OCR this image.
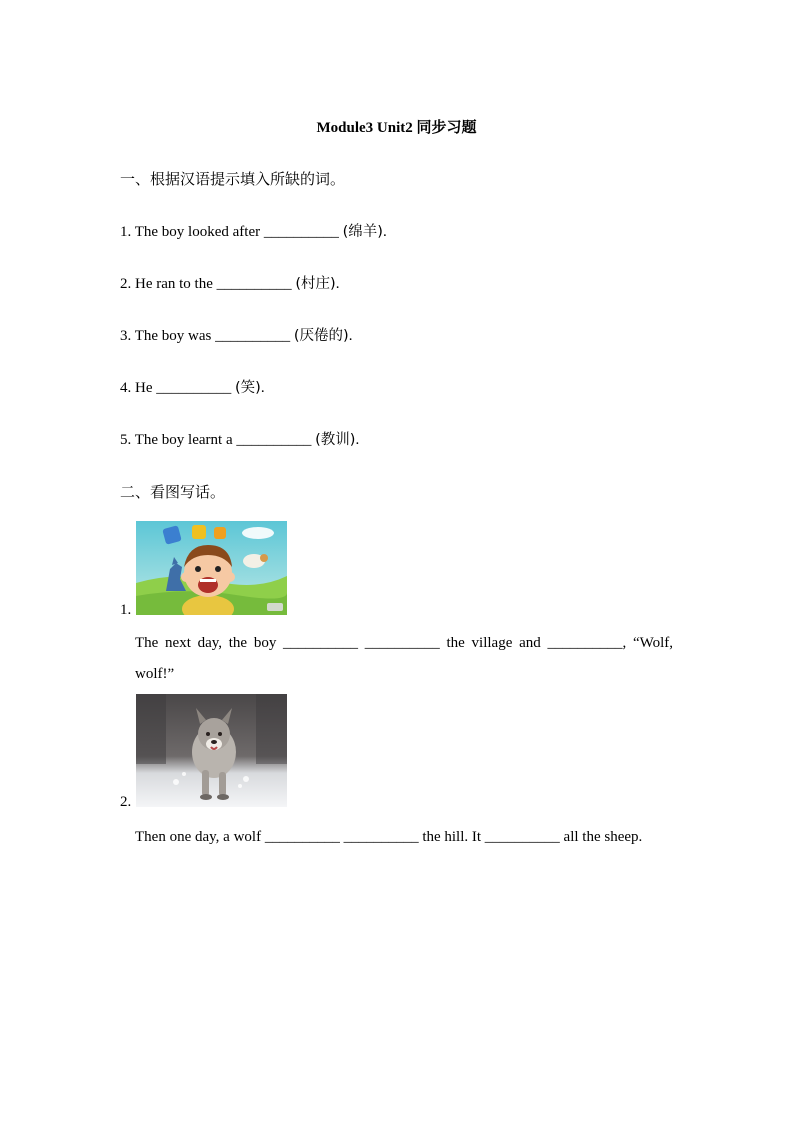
Module3 Unit2 同步习题
一、根据汉语提示填入所缺的词。
1. The boy looked after __________ (绵羊).
2. He ran to the __________ (村庄).
3. The boy was __________ (厌倦的).
4. He __________ (笑).
5. The boy learnt a __________ (教训).
二、看图写话。
1.
The next day, the boy __________ __________ the village and __________, “Wolf, wolf!”
2.
Then one day, a wolf __________ __________ the hill. It __________ all the sheep.
